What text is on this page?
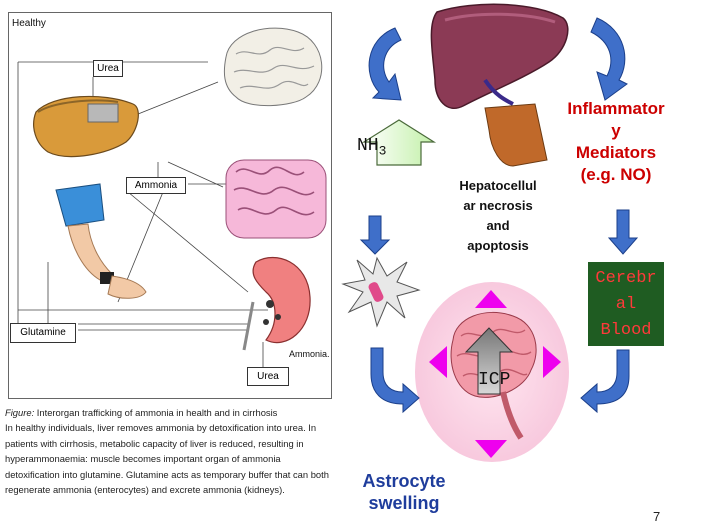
Healthy
Urea
Ammonia
Glutamine
Urea
Ammonia.
Figure: Interorgan trafficking of ammonia in health and in cirrhosis
In healthy individuals, liver removes ammonia by detoxification into urea. In
patients with cirrhosis, metabolic capacity of liver is reduced, resulting in
hyperammonaemia: muscle becomes important organ of ammonia
detoxification into glutamine. Glutamine acts as temporary buffer that can both
regenerate ammonia (enterocytes) and excrete ammonia (kidneys).
$NH_3$
Hepatocellul
ar necrosis
and
apoptosis
Inflammator
y
Mediators
(e.g. NO)
Cerebr
al
Blood
ICP
Astrocyte
swelling
7
